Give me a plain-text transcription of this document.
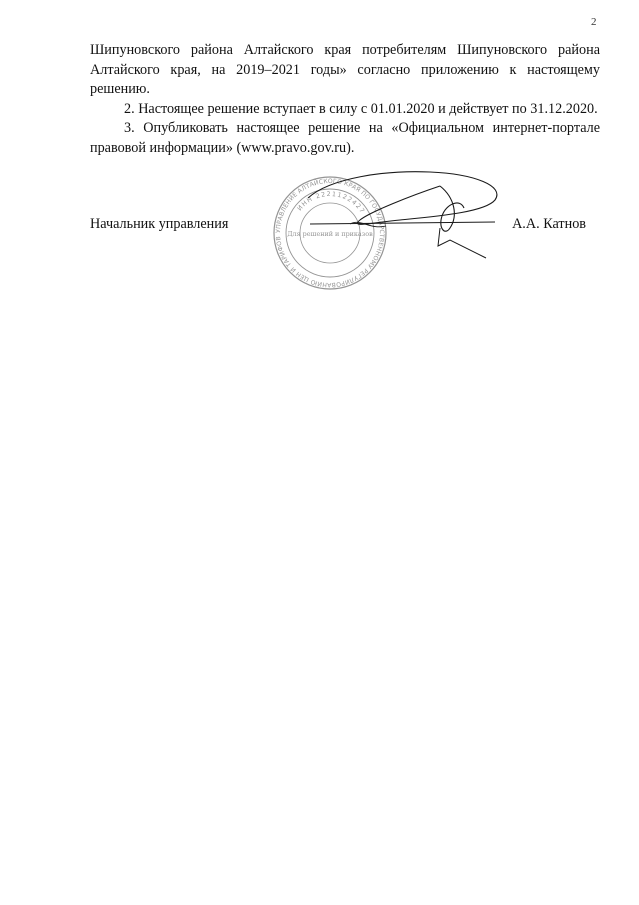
2

Шипуновского района Алтайского края потребителям Шипуновского района Алтайского края, на 2019–2021 годы» согласно приложению к настоящему решению.

2. Настоящее решение вступает в силу с 01.01.2020 и действует по 31.12.2020.

3. Опубликовать настоящее решение на «Официальном интернет-портале правовой информации» (www.pravo.gov.ru).

УПРАВЛЕНИЕ АЛТАЙСКОГО КРАЯ ПО ГОСУДАРСТВЕННОМУ РЕГУЛИРОВАНИЮ ЦЕН И ТАРИФОВ
ИНН 2221122427
Для решений и приказов
Начальник управления	А.А. Катнов
